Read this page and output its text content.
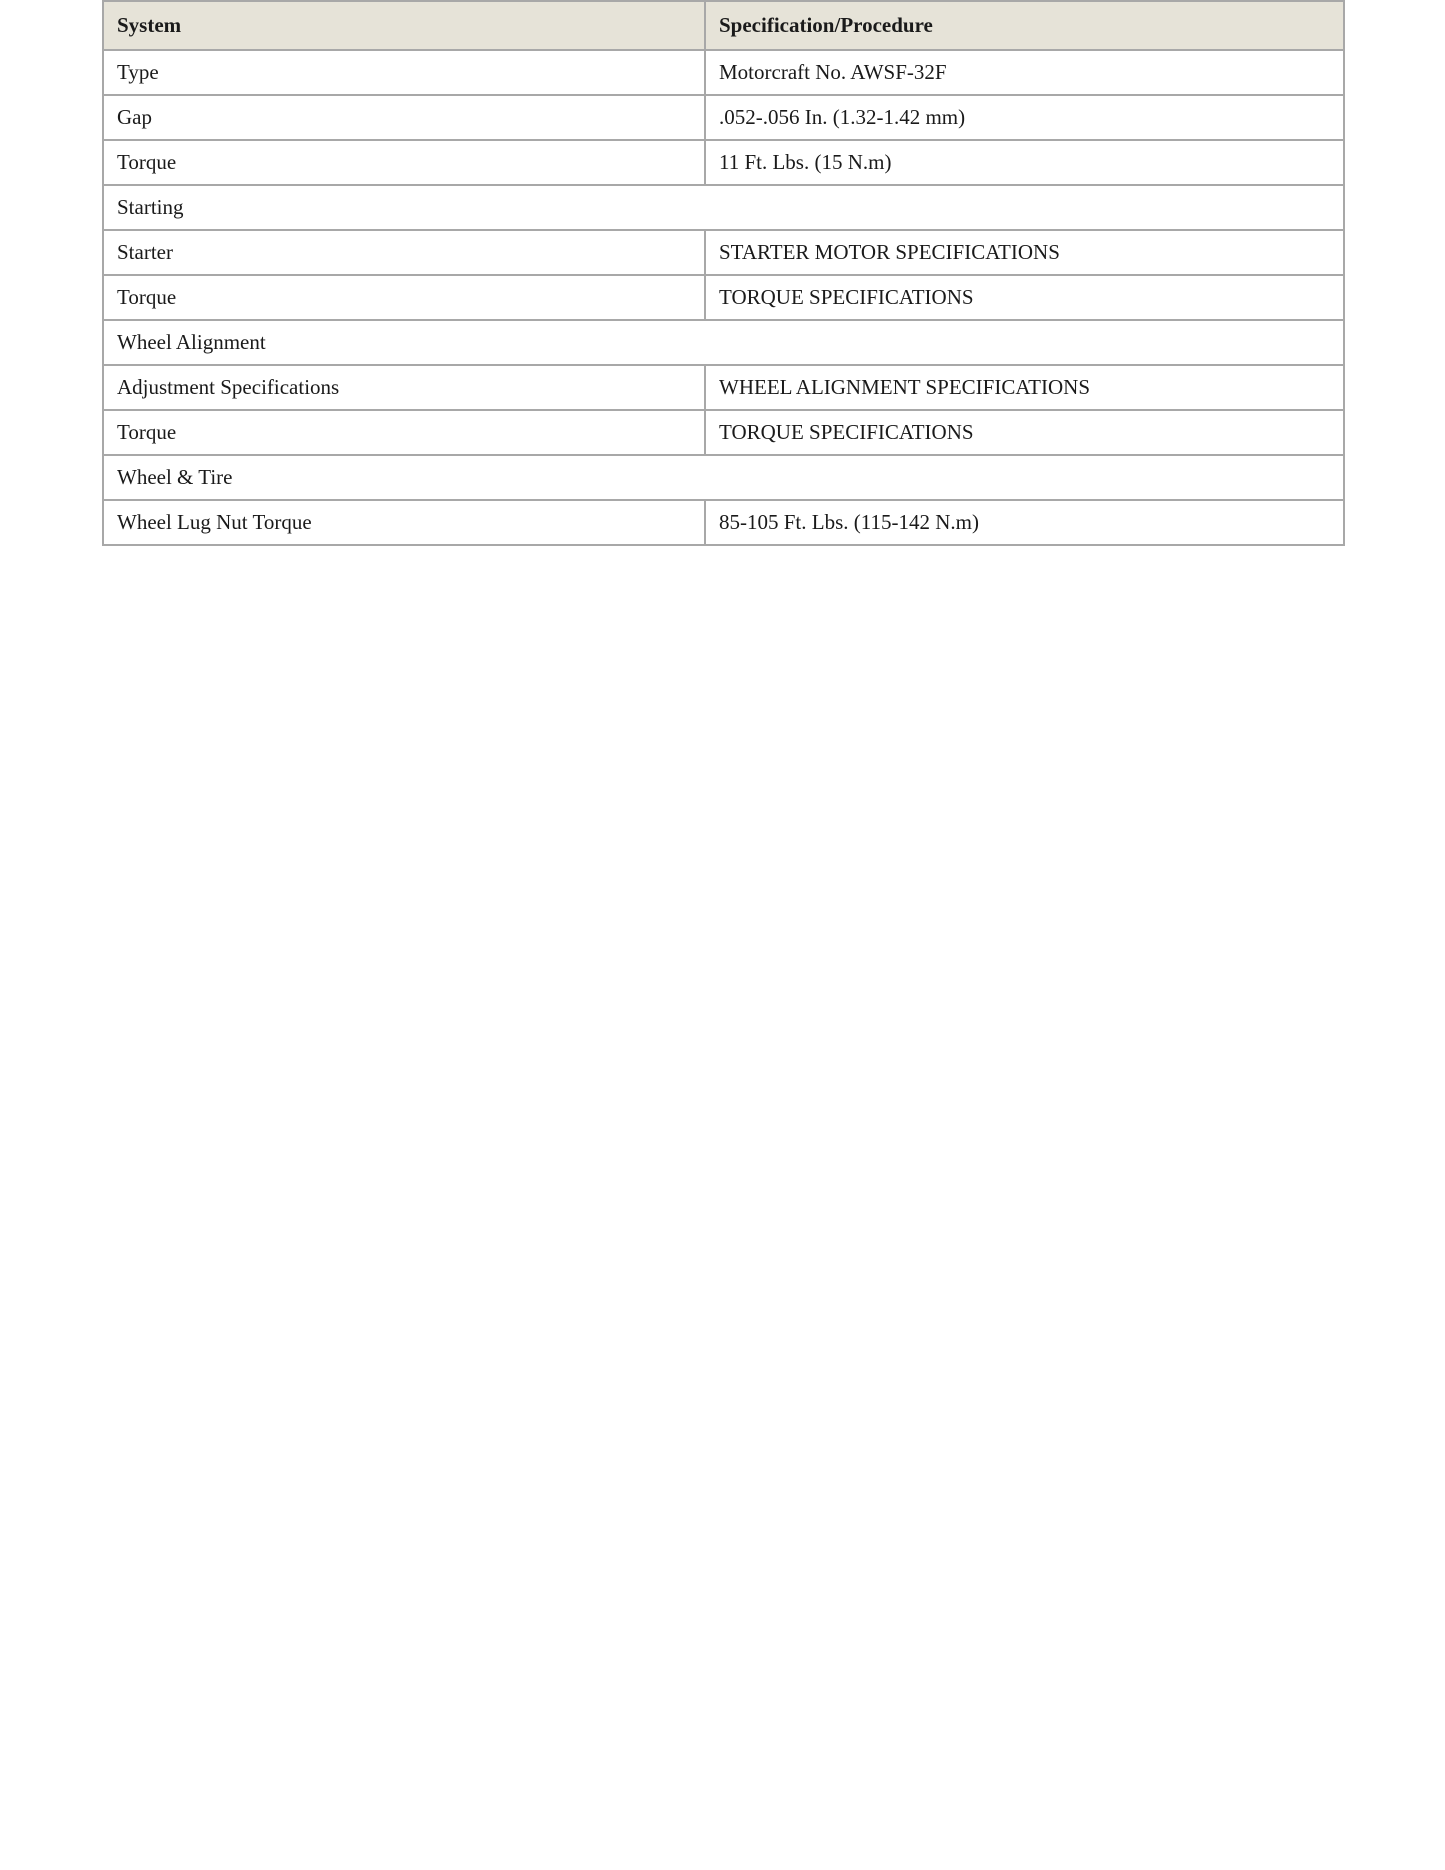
System	Specification/Procedure
Type	Motorcraft No. AWSF-32F
Gap	.052-.056 In. (1.32-1.42 mm)
Torque	11 Ft. Lbs. (15 N.m)
Starting	
Starter	STARTER MOTOR SPECIFICATIONS
Torque	TORQUE SPECIFICATIONS
Wheel Alignment	
Adjustment Specifications	WHEEL ALIGNMENT SPECIFICATIONS
Torque	TORQUE SPECIFICATIONS
Wheel & Tire	
Wheel Lug Nut Torque	85-105 Ft. Lbs. (115-142 N.m)
